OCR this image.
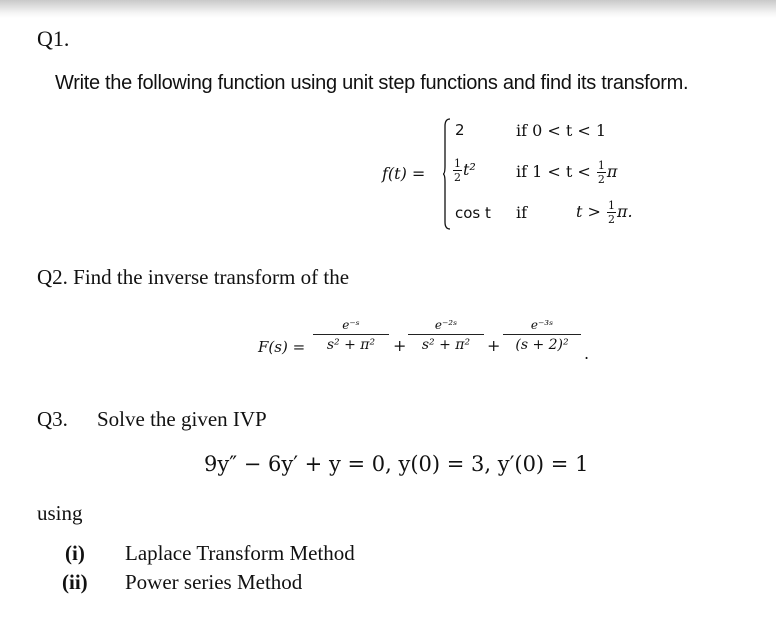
Q1.
Write the following function using unit step functions and find its transform.
f(t) =
2	if 0 < t < 1
$\frac{1}{2} t^2$	if $1 < t < \frac{1}{2}$ π
cos t if	$t > \frac{1}{2} \pi$.
Q2. Find the inverse transform of the
F(s) =
e⁻ˢ
s² + π²	+
e⁻²ˢ
s² + π²	+
e⁻³ˢ
(s + 2)² .
Q3. Solve the given IVP
9y″ − 6y′ + y = 0, y(0) = 3, y′(0) = 1
using
(i) Laplace Transform Method
(ii) Power series Method
